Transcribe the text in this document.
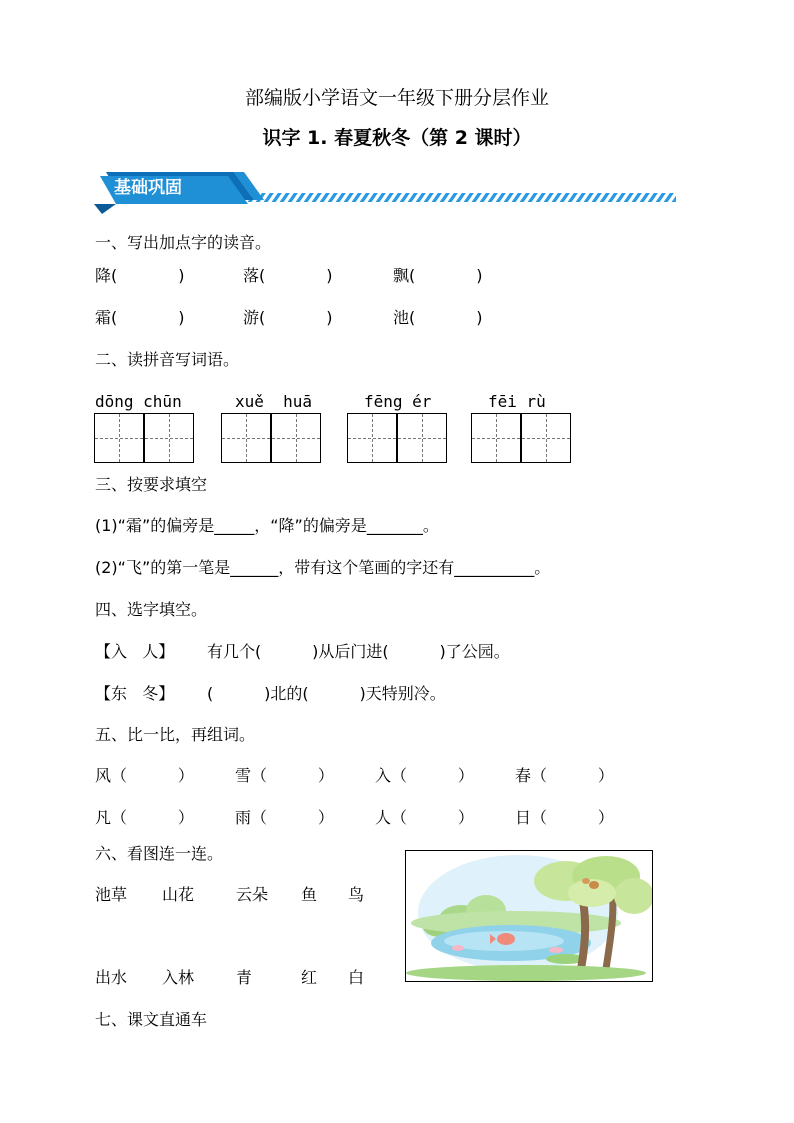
部编版小学语文一年级下册分层作业
识字 1. 春夏秋冬（第 2 课时）
基础巩固
一、写出加点字的读音。
降(            )	落(            )	飘(            )
霜(            )	游(            )	池(            )
二、读拼音写词语。
dōng chūn	xuě  huā	fēng ér	fēi rù
三、按要求填空
(1)“霜”的偏旁是_____，“降”的偏旁是_______。
(2)“飞”的第一笔是______，带有这个笔画的字还有__________。
四、选字填空。
【入   人】 有几个(          )从后门进(          )了公园。
【东   冬】 (          )北的(          )天特别冷。
五、比一比，再组词。
风（          ）	雪（          ）	入（          ）	春（          ）
凡（          ）	雨（          ）	人（          ）	日（          ）
六、看图连一连。
池草 山花	云朵 鱼 鸟
出水 入林	青	红 白
七、课文直通车
